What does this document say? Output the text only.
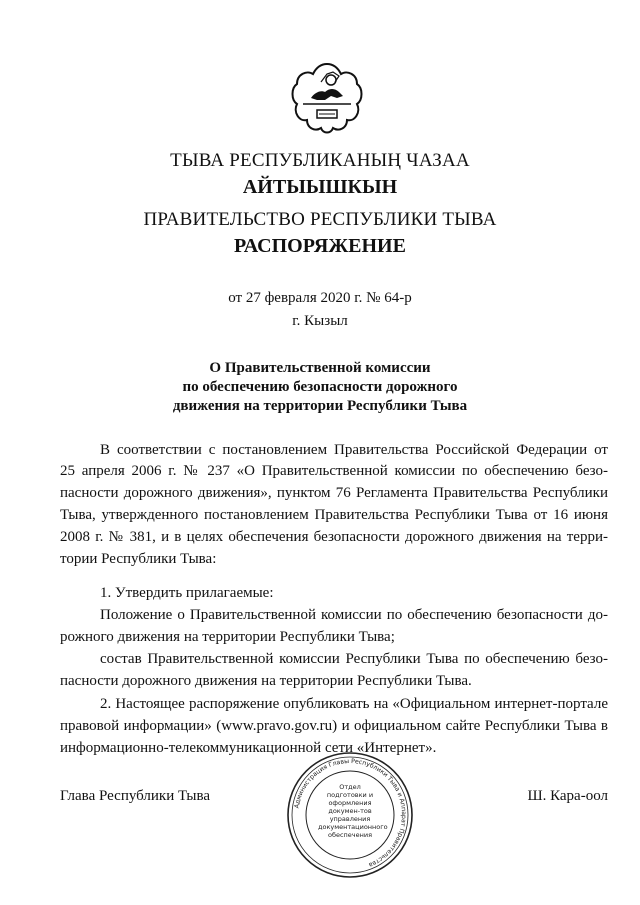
ТЫВА РЕСПУБЛИКАНЫҢ ЧАЗАА
АЙТЫЫШКЫН
ПРАВИТЕЛЬСТВО РЕСПУБЛИКИ ТЫВА
РАСПОРЯЖЕНИЕ
от 27 февраля 2020 г. № 64-р
г. Кызыл
О Правительственной комиссии
по обеспечению безопасности дорожного
движения на территории Республики Тыва
В соответствии с постановлением Правительства Российской Федерации от
25 апреля 2006 г. № 237 «О Правительственной комиссии по обеспечению безо-
пасности дорожного движения», пунктом 76 Регламента Правительства Республики
Тыва, утвержденного постановлением Правительства Республики Тыва от 16 июня
2008 г. № 381, и в целях обеспечения безопасности дорожного движения на терри-
тории Республики Тыва:
1. Утвердить прилагаемые:
Положение о Правительственной комиссии по обеспечению безопасности до-
рожного движения на территории Республики Тыва;
состав Правительственной комиссии Республики Тыва по обеспечению безо-
пасности дорожного движения на территории Республики Тыва.
2. Настоящее распоряжение опубликовать на «Официальном интернет-портале
правовой информации» (www.pravo.gov.ru) и официальном сайте Республики Тыва в
информационно-телекоммуникационной сети «Интернет».
Глава Республики Тыва	Ш. Кара-оол
Администрация Главы Республики Тыва и Аппарат Правительства
Отдел
подготовки и
оформления докумен-тов
управления
документационного
обеспечения
